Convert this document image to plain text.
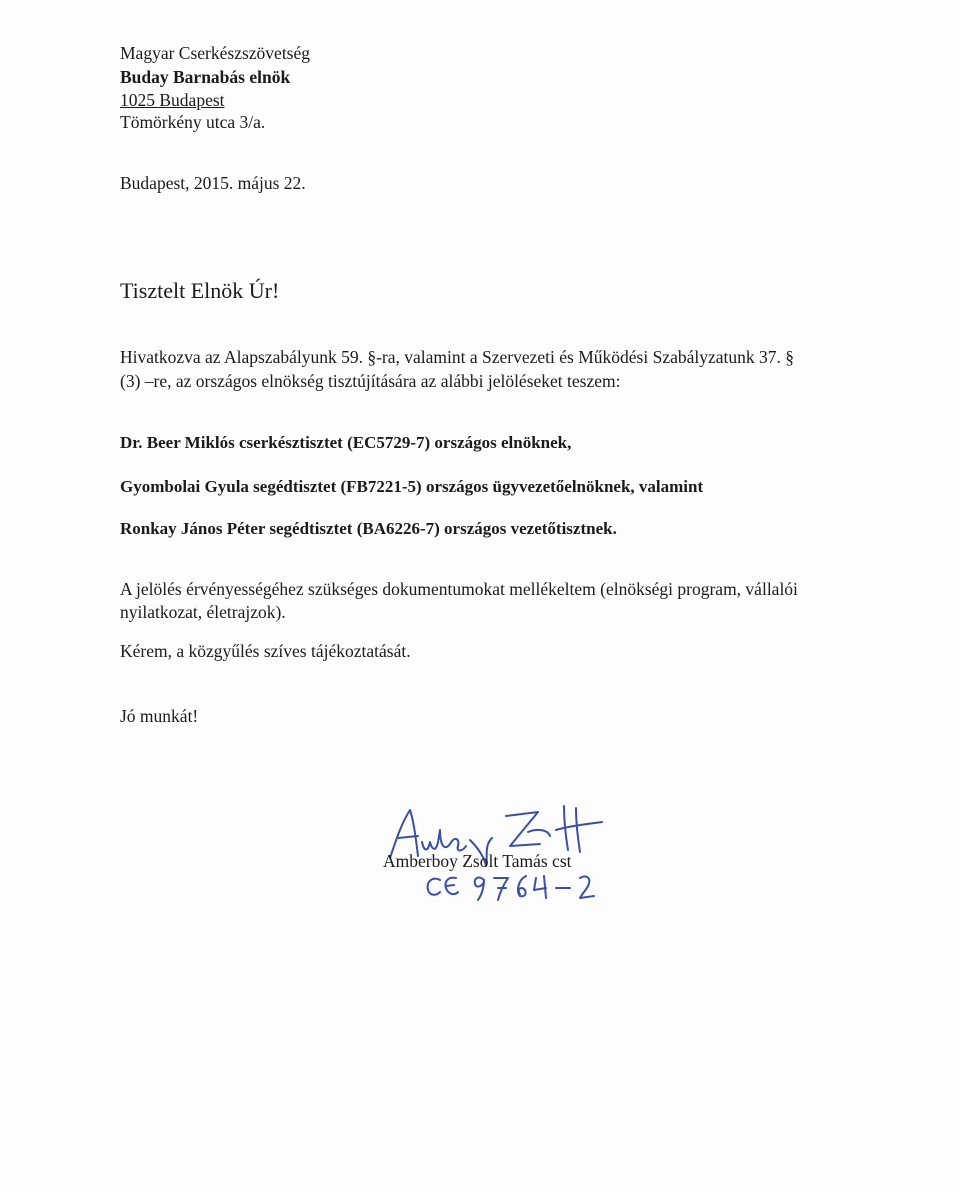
Magyar Cserkészszövetség
Buday Barnabás elnök
1025 Budapest
Tömörkény utca 3/a.
Budapest, 2015. május 22.
Tisztelt Elnök Úr!
Hivatkozva az Alapszabályunk 59. §-ra, valamint a Szervezeti és Működési Szabályzatunk 37. §
(3) –re, az országos elnökség tisztújítására az alábbi jelöléseket teszem:
Dr. Beer Miklós cserkésztisztet (EC5729-7) országos elnöknek,
Gyombolai Gyula segédtisztet (FB7221-5) országos ügyvezetőelnöknek, valamint
Ronkay János Péter segédtisztet (BA6226-7) országos vezetőtisztnek.
A jelölés érvényességéhez szükséges dokumentumokat mellékeltem (elnökségi program, vállalói
nyilatkozat, életrajzok).
Kérem, a közgyűlés szíves tájékoztatását.
Jó munkát!
Amberboy Zsolt Tamás cst
